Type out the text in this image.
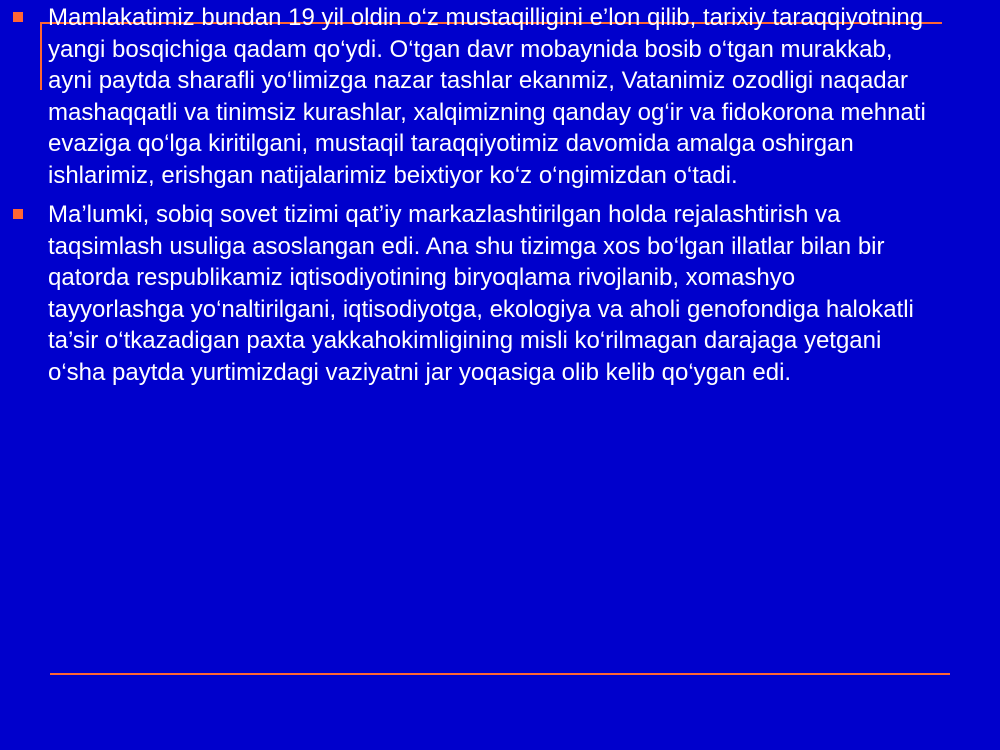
​

Mamlakatimiz bundan 19 yil oldin o‘z mustaqilligini e’lon qilib, tarixiy taraqqiyotning yangi bosqichiga qadam qo‘ydi. O‘tgan davr mobaynida bosib o‘tgan murakkab, ayni paytda sharafli yo‘limizga nazar tashlar ekanmiz, Vatanimiz ozodligi naqadar mashaqqatli va tinimsiz kurashlar, xalqimizning qanday og‘ir va fidokorona mehnati evaziga qo‘lga kiritilgani, mustaqil taraqqiyotimiz davomida amalga oshirgan ishlarimiz, erishgan natijalarimiz beixtiyor ko‘z o‘ngimizdan o‘tadi.

Ma’lumki, sobiq sovet tizimi qat’iy markazlashtirilgan holda rejalashtirish va taqsimlash usuliga asoslangan edi. Ana shu tizimga xos bo‘lgan illatlar bilan bir qatorda respublikamiz iqtisodiyotining biryoqlama rivojlanib, xomashyo tayyorlashga yo‘naltirilgani, iqtisodiyotga, ekologiya va aholi genofondiga halokatli ta’sir o‘tkazadigan paxta yakkahokimligining misli ko‘rilmagan darajaga yetgani o‘sha paytda yurtimizdagi vaziyatni jar yoqasiga olib kelib qo‘ygan edi.
